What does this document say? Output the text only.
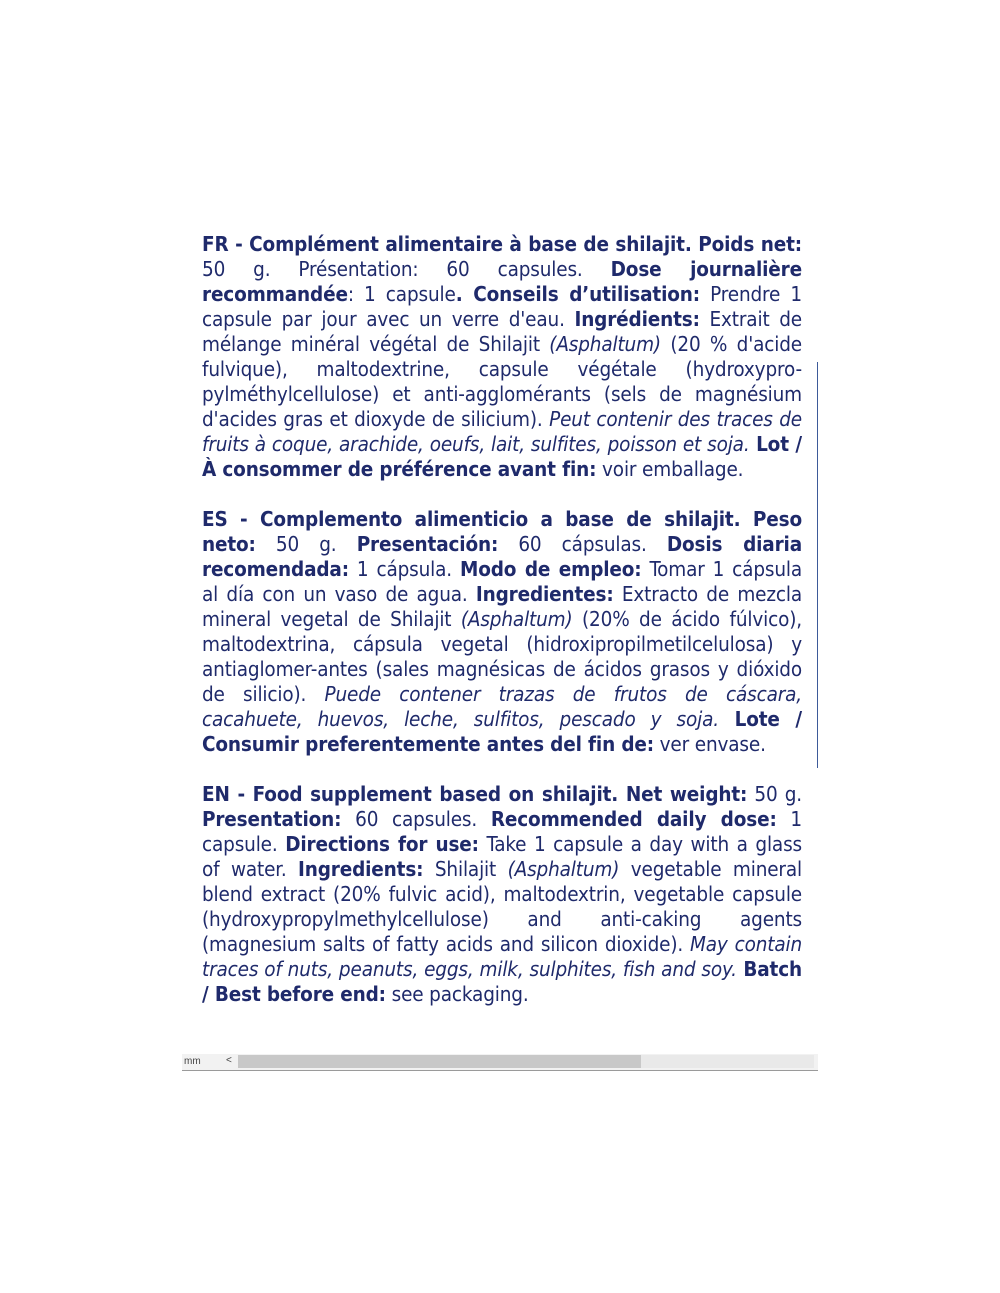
FR - Complément alimentaire à base de shilajit. Poids net: 50 g. Présentation: 60 capsules. Dose journalière recommandée: 1 capsule. Conseils d’utilisation: Prendre 1 capsule par jour avec un verre d'eau. Ingrédients: Extrait de mélange minéral végétal de Shilajit (Asphaltum) (20 % d'acide fulvique), maltodextrine, capsule végétale (hydroxypro-pylméthylcellulose) et anti-agglomérants (sels de magnésium d'acides gras et dioxyde de silicium). Peut contenir des traces de fruits à coque, arachide, oeufs, lait, sulfites, poisson et soja. Lot / À consommer de préférence avant fin: voir emballage.

ES - Complemento alimenticio a base de shilajit. Peso neto: 50 g. Presentación: 60 cápsulas. Dosis diaria recomendada: 1 cápsula. Modo de empleo: Tomar 1 cápsula al día con un vaso de agua. Ingredientes: Extracto de mezcla mineral vegetal de Shilajit (Asphaltum) (20% de ácido fúlvico), maltodextrina, cápsula vegetal (hidroxipropilmetilcelulosa) y antiaglomer-antes (sales magnésicas de ácidos grasos y dióxido de silicio). Puede contener trazas de frutos de cáscara, cacahuete, huevos, leche, sulfitos, pescado y soja. Lote / Consumir preferentemente antes del fin de: ver envase.

EN - Food supplement based on shilajit. Net weight: 50 g. Presentation: 60 capsules. Recommended daily dose: 1 capsule. Directions for use: Take 1 capsule a day with a glass of water. Ingredients: Shilajit (Asphaltum) vegetable mineral blend extract (20% fulvic acid), maltodextrin, vegetable capsule (hydroxypropylmethylcellulose) and anti-caking agents (magnesium salts of fatty acids and silicon dioxide). May contain traces of nuts, peanuts, eggs, milk, sulphites, fish and soy. Batch / Best before end: see packaging.

mm	<
